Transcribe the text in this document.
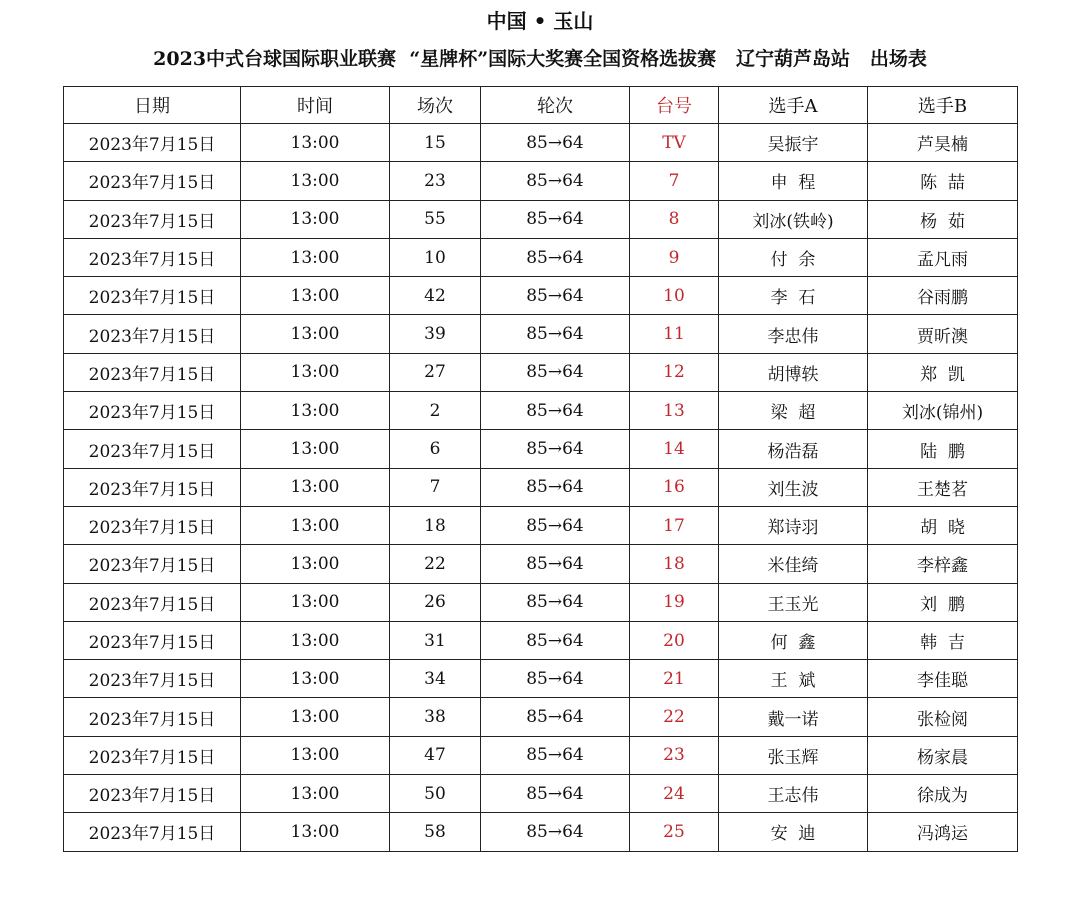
中国 • 玉山
2023中式台球国际职业联赛  “星牌杯”国际大奖赛全国资格选拔赛   辽宁葫芦岛站   出场表
日期	时间	场次	轮次	台号	选手A	选手B
2023年7月15日	13:00	15	85→64	TV	吴振宇	芦昊楠
2023年7月15日	13:00	23	85→64	7	申  程	陈  喆
2023年7月15日	13:00	55	85→64	8	刘冰(铁岭)	杨  茹
2023年7月15日	13:00	10	85→64	9	付  余	孟凡雨
2023年7月15日	13:00	42	85→64	10	李  石	谷雨鹏
2023年7月15日	13:00	39	85→64	11	李忠伟	贾昕澳
2023年7月15日	13:00	27	85→64	12	胡博轶	郑  凯
2023年7月15日	13:00	2	85→64	13	梁  超	刘冰(锦州)
2023年7月15日	13:00	6	85→64	14	杨浩磊	陆  鹏
2023年7月15日	13:00	7	85→64	16	刘生波	王楚茗
2023年7月15日	13:00	18	85→64	17	郑诗羽	胡  晓
2023年7月15日	13:00	22	85→64	18	米佳绮	李梓鑫
2023年7月15日	13:00	26	85→64	19	王玉光	刘  鹏
2023年7月15日	13:00	31	85→64	20	何  鑫	韩  吉
2023年7月15日	13:00	34	85→64	21	王  斌	李佳聪
2023年7月15日	13:00	38	85→64	22	戴一诺	张检阅
2023年7月15日	13:00	47	85→64	23	张玉辉	杨家晨
2023年7月15日	13:00	50	85→64	24	王志伟	徐成为
2023年7月15日	13:00	58	85→64	25	安  迪	冯鸿运
